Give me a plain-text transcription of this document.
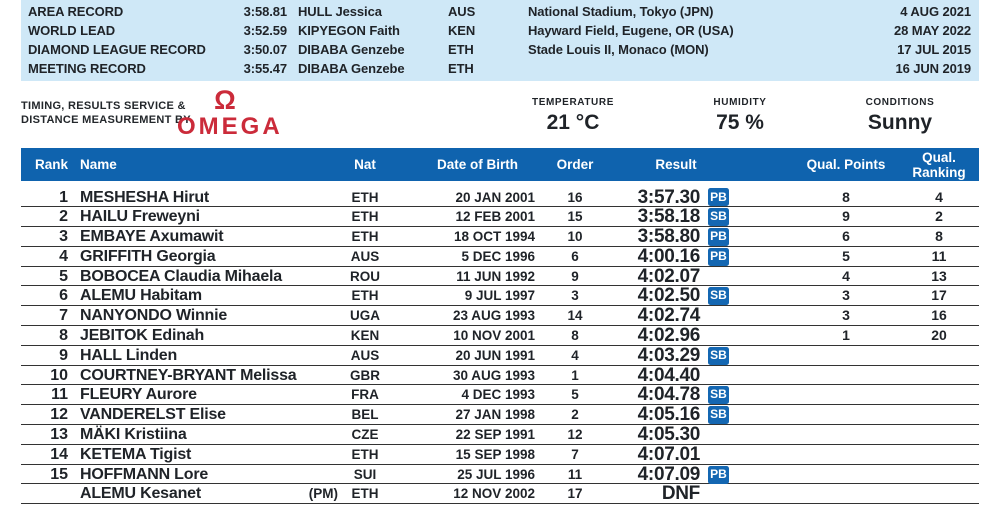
AREA RECORD	3:58.81 HULL Jessica	AUS	National Stadium, Tokyo (JPN)	4 AUG 2021
WORLD LEAD	3:52.59 KIPYEGON Faith	KEN	Hayward Field, Eugene, OR (USA)	28 MAY 2022
DIAMOND LEAGUE RECORD	3:50.07 DIBABA Genzebe	ETH	Stade Louis II, Monaco (MON)	17 JUL 2015
MEETING RECORD	3:55.47 DIBABA Genzebe	ETH	16 JUN 2019
TIMING, RESULTS SERVICE &
DISTANCE MEASUREMENT BY
Ω
OMEGA
TEMPERATURE
21 °C
HUMIDITY
75 %
CONDITIONS
Sunny
Rank Name	Nat	Date of Birth	Order	Result	Qual. Points	Qual. Ranking
1 MESHESHA Hirut	ETH	20 JAN 2001	16	3:57.30 PB	8	4
2 HAILU Freweyni	ETH	12 FEB 2001	15	3:58.18 SB	9	2
3 EMBAYE Axumawit	ETH	18 OCT 1994	10	3:58.80 PB	6	8
4 GRIFFITH Georgia	AUS	5 DEC 1996	6	4:00.16 PB	5	11
5 BOBOCEA Claudia Mihaela	ROU	11 JUN 1992	9	4:02.07	4	13
6 ALEMU Habitam	ETH	9 JUL 1997	3	4:02.50 SB	3	17
7 NANYONDO Winnie	UGA	23 AUG 1993	14	4:02.74	3	16
8 JEBITOK Edinah	KEN	10 NOV 2001	8	4:02.96	1	20
9 HALL Linden	AUS	20 JUN 1991	4	4:03.29 SB
10 COURTNEY-BRYANT Melissa	GBR	30 AUG 1993	1	4:04.40
11 FLEURY Aurore	FRA	4 DEC 1993	5	4:04.78 SB
12 VANDERELST Elise	BEL	27 JAN 1998	2	4:05.16 SB
13 MÄKI Kristiina	CZE	22 SEP 1991	12	4:05.30
14 KETEMA Tigist	ETH	15 SEP 1998	7	4:07.01
15 HOFFMANN Lore	SUI	25 JUL 1996	11	4:07.09 PB
ALEMU Kesanet	(PM)	ETH	12 NOV 2002	17	DNF
